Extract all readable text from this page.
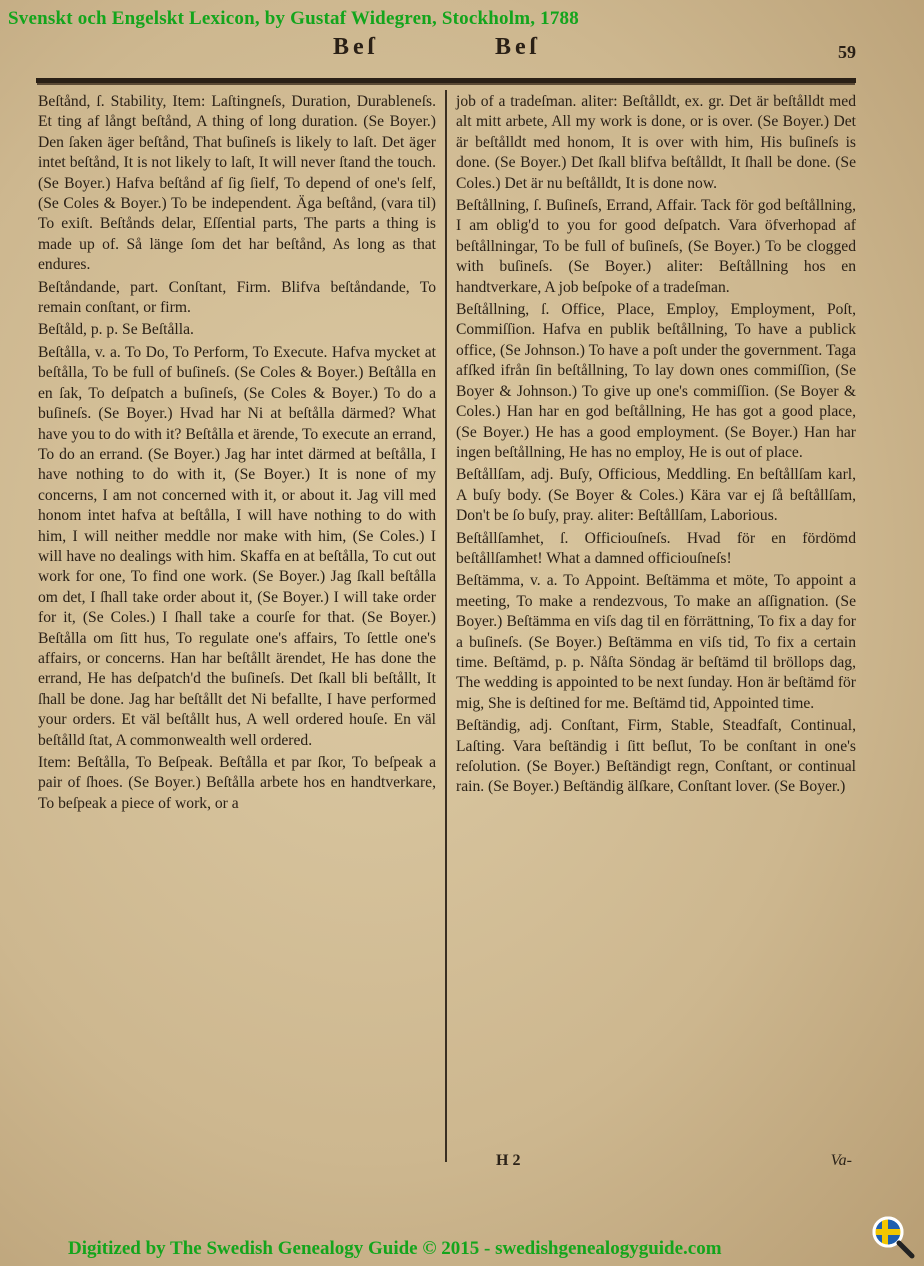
Svenskt och Engelskt Lexicon, by Gustaf Widegren, Stockholm, 1788
Beſ	Beſ	59

Beſtånd, ſ. Stability, Item: Laſtingneſs, Duration, Durableneſs. Et ting af långt beſtånd, A thing of long duration. (Se Boyer.) Den ſaken äger beſtånd, That buſineſs is likely to laſt. Det äger intet beſtånd, It is not likely to laſt, It will never ſtand the touch. (Se Boyer.) Hafva beſtånd af ſig ſielf, To depend of one's ſelf, (Se Coles & Boyer.) To be independent. Äga beſtånd, (vara til) To exiſt. Beſtånds delar, Eſſential parts, The parts a thing is made up of. Så länge ſom det har beſtånd, As long as that endures.

Beſtåndande, part. Conſtant, Firm. Blifva beſtåndande, To remain conſtant, or firm.

Beſtåld, p. p. Se Beſtålla.

Beſtålla, v. a. To Do, To Perform, To Execute. Hafva mycket at beſtålla, To be full of buſineſs. (Se Coles & Boyer.) Beſtålla en en ſak, To deſpatch a buſineſs, (Se Coles & Boyer.) To do a buſineſs. (Se Boyer.) Hvad har Ni at beſtålla därmed? What have you to do with it? Beſtålla et ärende, To execute an errand, To do an errand. (Se Boyer.) Jag har intet därmed at beſtålla, I have nothing to do with it, (Se Boyer.) It is none of my concerns, I am not concerned with it, or about it. Jag vill med honom intet hafva at beſtålla, I will have nothing to do with him, I will neither meddle nor make with him, (Se Coles.) I will have no dealings with him. Skaffa en at beſtålla, To cut out work for one, To find one work. (Se Boyer.) Jag ſkall beſtålla om det, I ſhall take order about it, (Se Boyer.) I will take order for it, (Se Coles.) I ſhall take a courſe for that. (Se Boyer.) Beſtålla om ſitt hus, To regulate one's affairs, To ſettle one's affairs, or concerns. Han har beſtållt ärendet, He has done the errand, He has deſpatch'd the buſineſs. Det ſkall bli beſtållt, It ſhall be done. Jag har beſtållt det Ni befallte, I have performed your orders. Et väl beſtållt hus, A well ordered houſe. En väl beſtålld ſtat, A commonwealth well ordered.

Item: Beſtålla, To Beſpeak. Beſtålla et par ſkor, To beſpeak a pair of ſhoes. (Se Boyer.) Beſtålla arbete hos en handtverkare, To beſpeak a piece of work, or a

job of a tradeſman. aliter: Beſtålldt, ex. gr. Det är beſtålldt med alt mitt arbete, All my work is done, or is over. (Se Boyer.) Det är beſtålldt med honom, It is over with him, His buſineſs is done. (Se Boyer.) Det ſkall blifva beſtålldt, It ſhall be done. (Se Coles.) Det är nu beſtålldt, It is done now.

Beſtållning, ſ. Buſineſs, Errand, Affair. Tack för god beſtållning, I am oblig'd to you for good deſpatch. Vara öfverhopad af beſtållningar, To be full of buſineſs, (Se Boyer.) To be clogged with buſineſs. (Se Boyer.) aliter: Beſtållning hos en handtverkare, A job beſpoke of a tradeſman.

Beſtållning, ſ. Office, Place, Employ, Employment, Poſt, Commiſſion. Hafva en publik beſtållning, To have a publick office, (Se Johnson.) To have a poſt under the government. Taga afſked ifrån ſin beſtållning, To lay down ones commiſſion, (Se Boyer & Johnson.) To give up one's commiſſion. (Se Boyer & Coles.) Han har en god beſtållning, He has got a good place, (Se Boyer.) He has a good employment. (Se Boyer.) Han har ingen beſtållning, He has no employ, He is out of place.

Beſtållſam, adj. Buſy, Officious, Meddling. En beſtållſam karl, A buſy body. (Se Boyer & Coles.) Kära var ej ſå beſtållſam, Don't be ſo buſy, pray. aliter: Beſtållſam, Laborious.

Beſtållſamhet, ſ. Officiouſneſs. Hvad för en fördömd beſtållſamhet! What a damned officiouſneſs!

Beſtämma, v. a. To Appoint. Beſtämma et möte, To appoint a meeting, To make a rendezvous, To make an aſſignation. (Se Boyer.) Beſtämma en viſs dag til en förrättning, To fix a day for a buſineſs. (Se Boyer.) Beſtämma en viſs tid, To fix a certain time. Beſtämd, p. p. Nåſta Söndag är beſtämd til bröllops dag, The wedding is appointed to be next ſunday. Hon är beſtämd för mig, She is deſtined for me. Beſtämd tid, Appointed time.

Beſtändig, adj. Conſtant, Firm, Stable, Steadfaſt, Continual, Laſting. Vara beſtändig i ſitt beſlut, To be conſtant in one's reſolution. (Se Boyer.) Beſtändigt regn, Conſtant, or continual rain. (Se Boyer.) Beſtändig älſkare, Conſtant lover. (Se Boyer.)

H 2	Va-
Digitized by The Swedish Genealogy Guide © 2015 - swedishgenealogyguide.com
